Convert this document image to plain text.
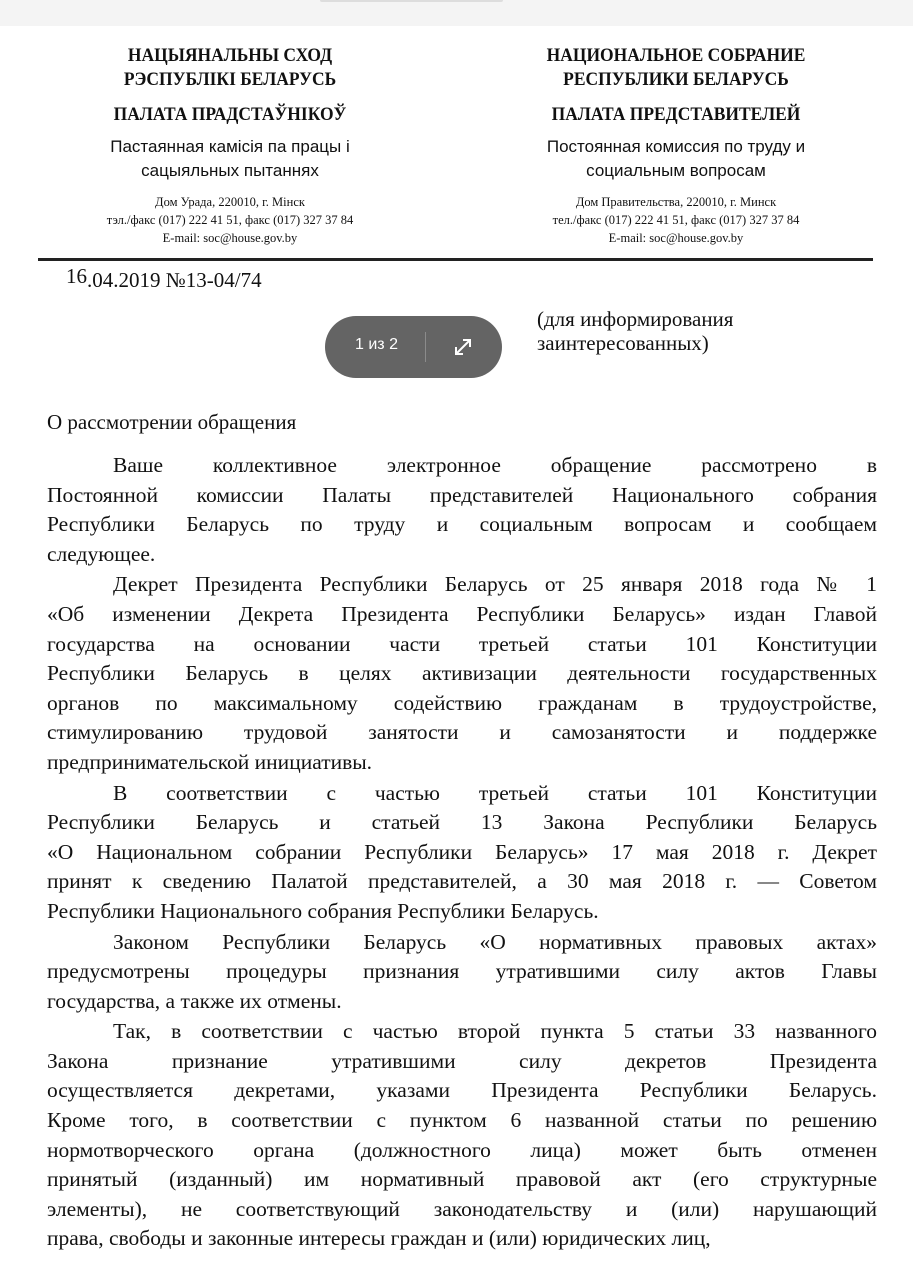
НАЦЫЯНАЛЬНЫ СХОД
РЭСПУБЛІКІ БЕЛАРУСЬ
ПАЛАТА ПРАДСТАЎНІКОЎ
Пастаянная камісія па працы і
сацыяльных пытаннях
Дом Урада, 220010, г. Мінск
тэл./факс (017) 222 41 51, факс (017) 327 37 84
E-mail: soc@house.gov.by
НАЦИОНАЛЬНОЕ СОБРАНИЕ
РЕСПУБЛИКИ БЕЛАРУСЬ
ПАЛАТА ПРЕДСТАВИТЕЛЕЙ
Постоянная комиссия по труду и
социальным вопросам
Дом Правительства, 220010, г. Минск
тел./факс (017) 222 41 51, факс (017) 327 37 84
E-mail: soc@house.gov.by
$^{16}$.04.2019 №13-04/74
(для информирования
заинтересованных)
О рассмотрении обращения
Ваше коллективное электронное обращение рассмотрено в
Постоянной комиссии Палаты представителей Национального собрания
Республики Беларусь по труду и социальным вопросам и сообщаем
следующее.
Декрет Президента Республики Беларусь от 25 января 2018 года № 1
«Об изменении Декрета Президента Республики Беларусь» издан Главой
государства на основании части третьей статьи 101 Конституции
Республики Беларусь в целях активизации деятельности государственных
органов по максимальному содействию гражданам в трудоустройстве,
стимулированию трудовой занятости и самозанятости и поддержке
предпринимательской инициативы.
В соответствии с частью третьей статьи 101 Конституции
Республики Беларусь и статьей 13 Закона Республики Беларусь
«О Национальном собрании Республики Беларусь» 17 мая 2018 г. Декрет
принят к сведению Палатой представителей, а 30 мая 2018 г. — Советом
Республики Национального собрания Республики Беларусь.
Законом Республики Беларусь «О нормативных правовых актах»
предусмотрены процедуры признания утратившими силу актов Главы
государства, а также их отмены.
Так, в соответствии с частью второй пункта 5 статьи 33 названного
Закона признание утратившими силу декретов Президента
осуществляется декретами, указами Президента Республики Беларусь.
Кроме того, в соответствии с пунктом 6 названной статьи по решению
нормотворческого органа (должностного лица) может быть отменен
принятый (изданный) им нормативный правовой акт (его структурные
элементы), не соответствующий законодательству и (или) нарушающий
права, свободы и законные интересы граждан и (или) юридических лиц,
1 из 2
